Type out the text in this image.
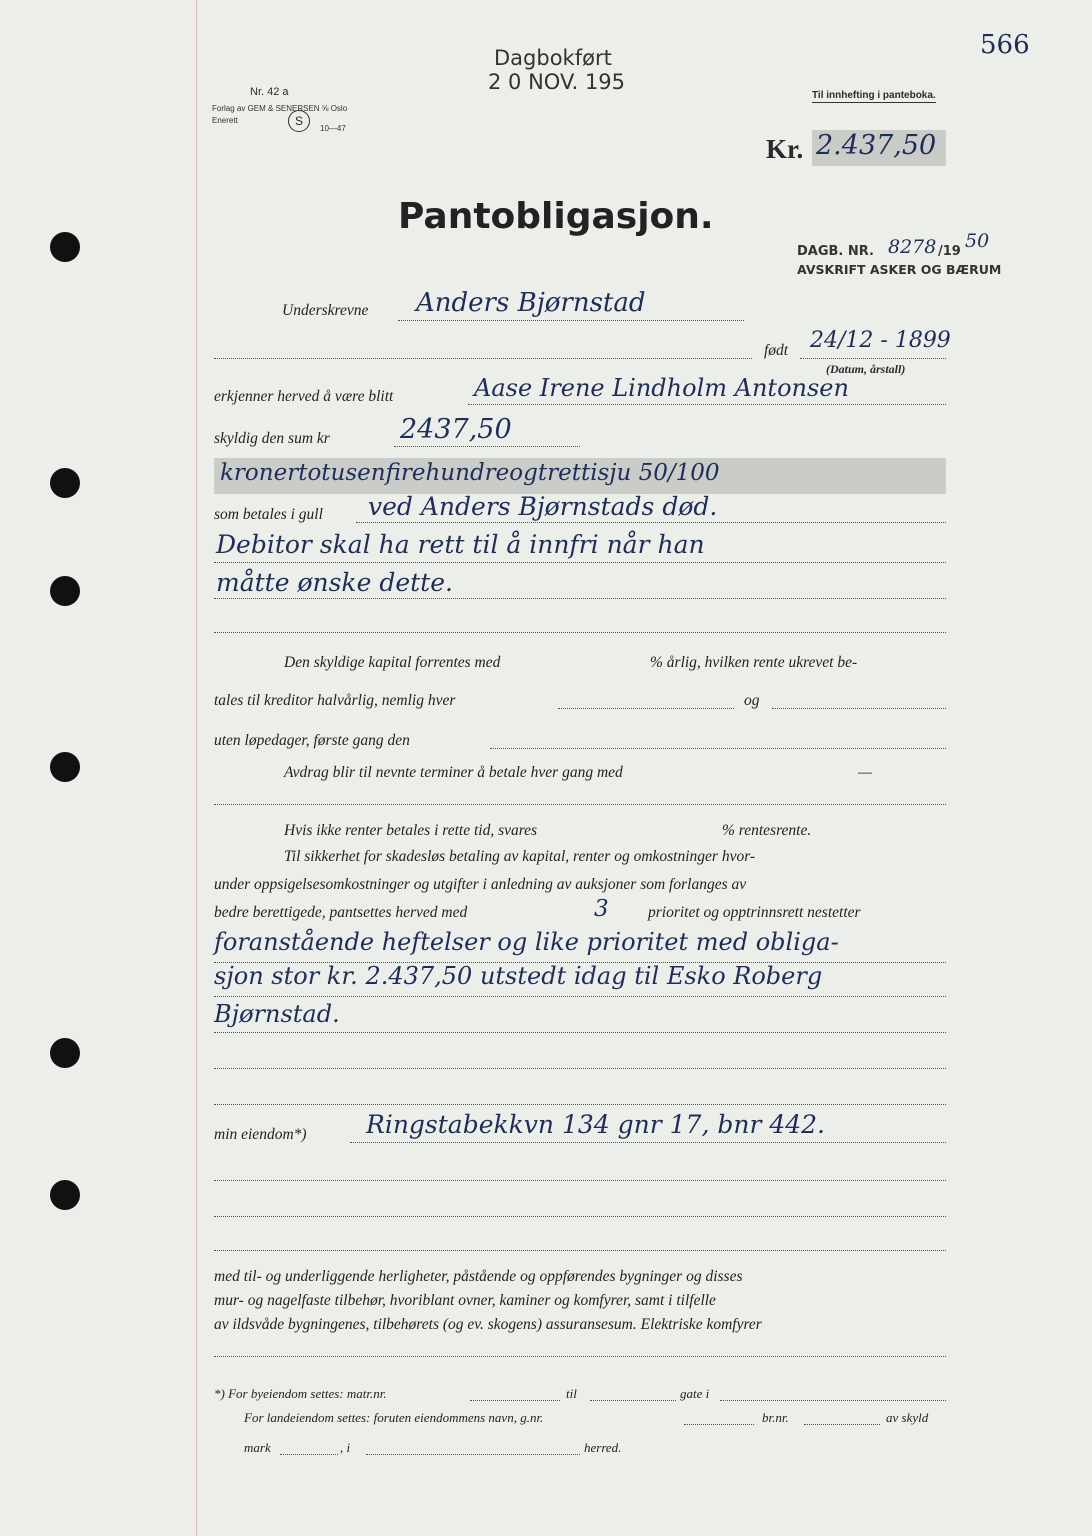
566
Dagbokført
2 0 NOV. 195
Nr. 42 a
Forlag av GEM & SENERSEN ⅝ Oslo
Enerett	S
10—47
Til innhefting i panteboka.
Kr. 2.437,50
Pantobligasjon.
DAGB. NR. 8278 /19 50
AVSKRIFT ASKER OG BÆRUM
Underskrevne Anders Bjørnstad
født 24/12 - 1899
(Datum, årstall)
erkjenner herved å være blitt	Aase Irene Lindholm Antonsen
skyldig den sum kr	2437,50
kronertotusenfirehundreogtrettisju 50/100
som betales i gull ved Anders Bjørnstads død.
Debitor skal ha rett til å innfri når han
måtte ønske dette.
Den skyldige kapital forrentes med	% årlig, hvilken rente ukrevet be-
tales til kreditor halvårlig, nemlig hver	og
uten løpedager, første gang den
Avdrag blir til nevnte terminer å betale hver gang med	—
Hvis ikke renter betales i rette tid, svares	% rentesrente.
Til sikkerhet for skadesløs betaling av kapital, renter og omkostninger hvor-
under oppsigelsesomkostninger og utgifter i anledning av auksjoner som forlanges av
bedre berettigede, pantsettes herved med	3	prioritet og opptrinnsrett nestetter
foranstående heftelser og like prioritet med obliga-
sjon stor kr. 2.437,50 utstedt idag til Esko Roberg
Bjørnstad.
min eiendom*) Ringstabekkvn 134 gnr 17, bnr 442.
med til- og underliggende herligheter, påstående og oppførendes bygninger og disses
mur- og nagelfaste tilbehør, hvoriblant ovner, kaminer og komfyrer, samt i tilfelle
av ildsvåde bygningenes, tilbehørets (og ev. skogens) assuransesum. Elektriske komfyrer
*) For byeiendom settes: matr.nr.	til	gate i
For landeiendom settes: foruten eiendommens navn, g.nr.	br.nr.	av skyld
mark	, i	herred.
